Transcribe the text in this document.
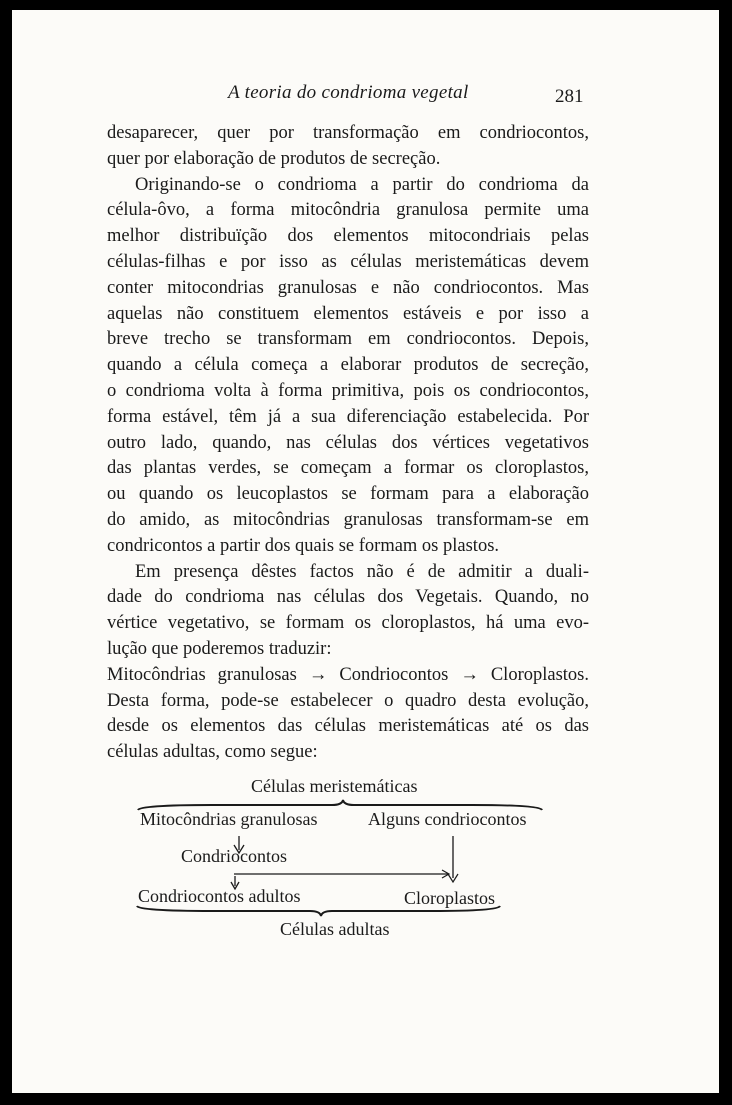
A teoria do condrioma vegetal	281
desaparecer, quer por transformação em condriocontos,
quer por elaboração de produtos de secreção.
Originando-se o condrioma a partir do condrioma da
célula-ôvo, a forma mitocôndria granulosa permite uma
melhor distribuïção dos elementos mitocondriais pelas
células-filhas e por isso as células meristemáticas devem
conter mitocondrias granulosas e não condriocontos. Mas
aquelas não constituem elementos estáveis e por isso a
breve trecho se transformam em condriocontos. Depois,
quando a célula começa a elaborar produtos de secreção,
o condrioma volta à forma primitiva, pois os condriocontos,
forma estável, têm já a sua diferenciação estabelecida. Por
outro lado, quando, nas células dos vértices vegetativos
das plantas verdes, se começam a formar os cloroplastos,
ou quando os leucoplastos se formam para a elaboração
do amido, as mitocôndrias granulosas transformam-se em
condricontos a partir dos quais se formam os plastos.
Em presença dêstes factos não é de admitir a duali-
dade do condrioma nas células dos Vegetais. Quando, no
vértice vegetativo, se formam os cloroplastos, há uma evo-
lução que poderemos traduzir:
Mitocôndrias granulosas → Condriocontos → Cloroplastos.
Desta forma, pode-se estabelecer o quadro desta evolução,
desde os elementos das células meristemáticas até os das
células adultas, como segue:
Células meristemáticas
Mitocôndrias granulosas	Alguns condriocontos
Condriocontos
Condriocontos adultos	Cloroplastos
Células adultas
